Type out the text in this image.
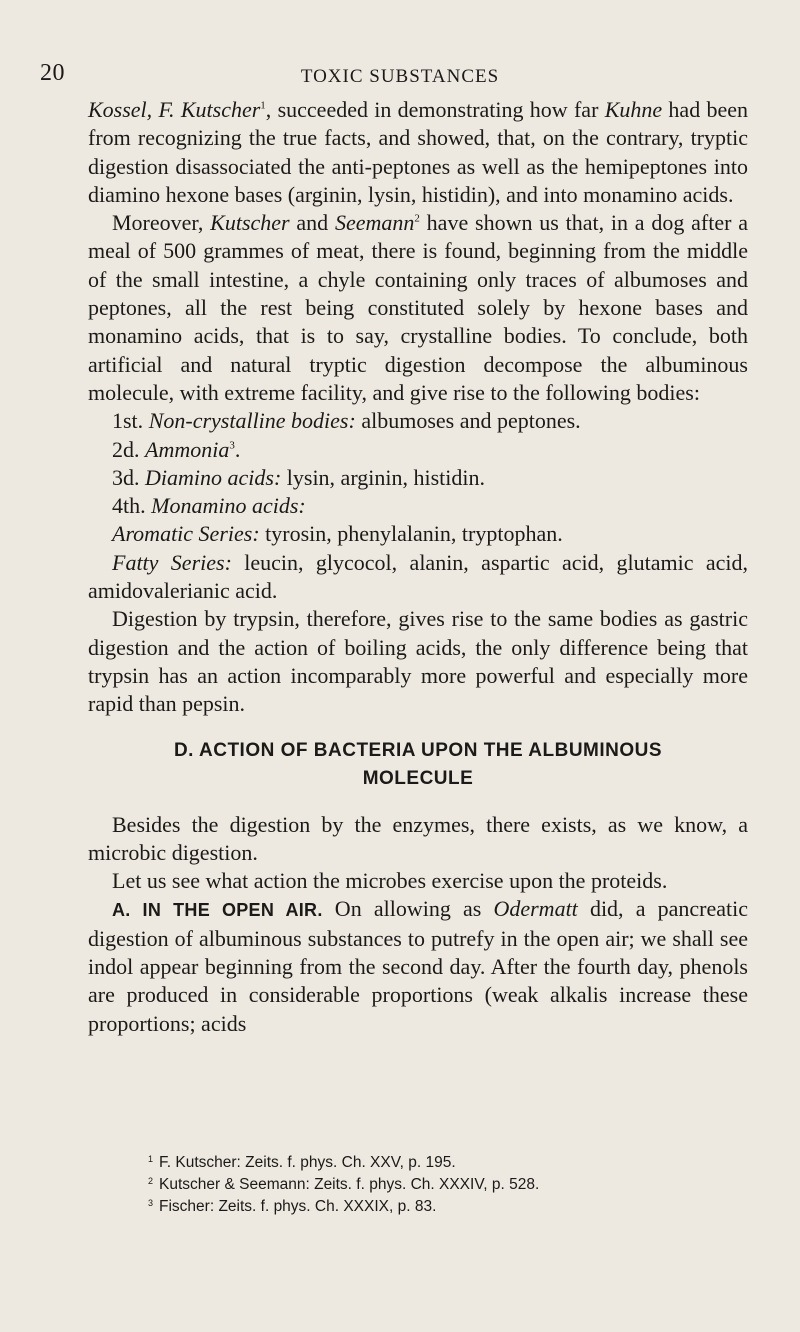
20	TOXIC SUBSTANCES

Kossel, F. Kutscher$^1$, succeeded in demonstrating how far Kuhne had been from recognizing the true facts, and showed, that, on the contrary, tryptic digestion disassociated the anti-peptones as well as the hemipeptones into diamino hexone bases (arginin, lysin, histidin), and into monamino acids.

Moreover, Kutscher and Seemann$^2$ have shown us that, in a dog after a meal of 500 grammes of meat, there is found, beginning from the middle of the small intestine, a chyle containing only traces of albumoses and peptones, all the rest being constituted solely by hexone bases and monamino acids, that is to say, crystalline bodies. To conclude, both artificial and natural tryptic digestion decompose the albuminous molecule, with extreme facility, and give rise to the following bodies:

1st. Non-crystalline bodies: albumoses and peptones.

2d. Ammonia$^3$.

3d. Diamino acids: lysin, arginin, histidin.

4th. Monamino acids:

Aromatic Series: tyrosin, phenylalanin, tryptophan.

Fatty Series: leucin, glycocol, alanin, aspartic acid, glutamic acid, amidovalerianic acid.

Digestion by trypsin, therefore, gives rise to the same bodies as gastric digestion and the action of boiling acids, the only difference being that trypsin has an action incomparably more powerful and especially more rapid than pepsin.

D. ACTION OF BACTERIA UPON THE ALBUMINOUS
MOLECULE

Besides the digestion by the enzymes, there exists, as we know, a microbic digestion.

Let us see what action the microbes exercise upon the proteids.

A. IN THE OPEN AIR. On allowing as Odermatt did, a pancreatic digestion of albuminous substances to putrefy in the open air; we shall see indol appear beginning from the second day. After the fourth day, phenols are produced in considerable proportions (weak alkalis increase these proportions; acids

$^1$ F. Kutscher: Zeits. f. phys. Ch. XXV, p. 195.
$^2$ Kutscher & Seemann: Zeits. f. phys. Ch. XXXIV, p. 528.
$^3$ Fischer: Zeits. f. phys. Ch. XXXIX, p. 83.
